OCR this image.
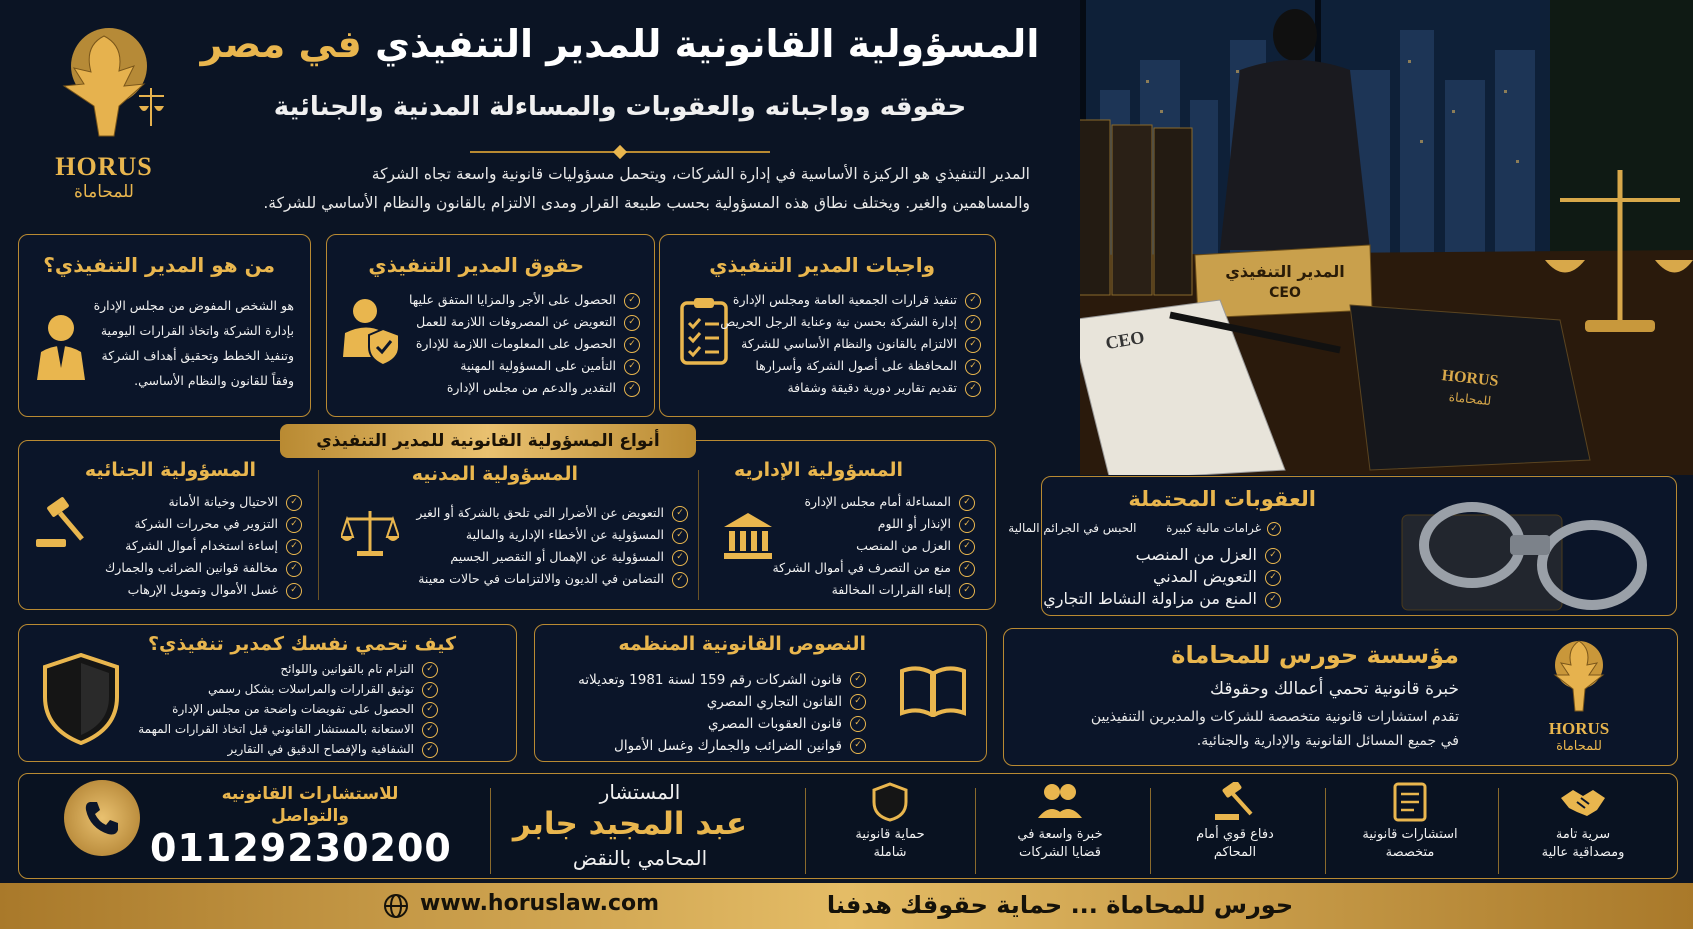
المدير التنفيذي
CEO
CEO
HORUS
للمحاماة
HORUS
للمحاماة
المسؤولية القانونية للمدير التنفيذي في مصر
حقوقه وواجباته والعقوبات والمساءلة المدنية والجنائية
المدير التنفيذي هو الركيزة الأساسية في إدارة الشركات، ويتحمل مسؤوليات قانونية واسعة تجاه الشركة
والمساهمين والغير. ويختلف نطاق هذه المسؤولية بحسب طبيعة القرار ومدى الالتزام بالقانون والنظام الأساسي للشركة.
من هو المدير التنفيذي؟
هو الشخص المفوض من مجلس الإدارة
بإدارة الشركة واتخاذ القرارات اليومية
وتنفيذ الخطط وتحقيق أهداف الشركة
وفقاً للقانون والنظام الأساسي.
حقوق المدير التنفيذي
✓ الحصول على الأجر والمزايا المتفق عليها
✓ التعويض عن المصروفات اللازمة للعمل
✓ الحصول على المعلومات اللازمة للإدارة
✓ التأمين على المسؤولية المهنية
✓ التقدير والدعم من مجلس الإدارة
واجبات المدير التنفيذي
✓ تنفيذ قرارات الجمعية العامة ومجلس الإدارة
✓ إدارة الشركة بحسن نية وعناية الرجل الحريص
✓ الالتزام بالقانون والنظام الأساسي للشركة
✓ المحافظة على أصول الشركة وأسرارها
✓ تقديم تقارير دورية دقيقة وشفافة
أنواع المسؤولية القانونية للمدير التنفيذي
المسؤولية الإداريه
✓ المساءلة أمام مجلس الإدارة
✓ الإنذار أو اللوم
✓ العزل من المنصب
✓ منع من التصرف في أموال الشركة
✓ إلغاء القرارات المخالفة
المسؤولية المدنيه
✓ التعويض عن الأضرار التي تلحق بالشركة أو الغير
✓ المسؤولية عن الأخطاء الإدارية والمالية
✓ المسؤولية عن الإهمال أو التقصير الجسيم
✓ التضامن في الديون والالتزامات في حالات معينة
المسؤولية الجنائيه
✓ الاحتيال وخيانة الأمانة
✓ التزوير في محررات الشركة
✓ إساءة استخدام أموال الشركة
✓ مخالفة قوانين الضرائب والجمارك
✓ غسل الأموال وتمويل الإرهاب
العقوبات المحتملة
✓غرامات مالية كبيرة  الحبس في الجرائم المالية
✓ العزل من المنصب
✓ التعويض المدني
✓ المنع من مزاولة النشاط التجاري
كيف تحمي نفسك كمدير تنفيذي؟
✓ التزام تام بالقوانين واللوائح
✓ توثيق القرارات والمراسلات بشكل رسمي
✓ الحصول على تفويضات واضحة من مجلس الإدارة
✓ الاستعانة بالمستشار القانوني قبل اتخاذ القرارات المهمة
✓ الشفافية والإفصاح الدقيق في التقارير
النصوص القانونية المنظمه
✓ قانون الشركات رقم 159 لسنة 1981 وتعديلاته
✓ القانون التجاري المصري
✓ قانون العقوبات المصري
✓ قوانين الضرائب والجمارك وغسل الأموال
مؤسسة حورس للمحاماة
خبرة قانونية تحمي أعمالك وحقوقك
تقدم استشارات قانونية متخصصة للشركات والمديرين التنفيذيين
في جميع المسائل القانونية والإدارية والجنائية.
HORUS
للمحاماة
للاستشارات القانونيه
والتواصل
01129230200
المستشار
عبد المجيد جابر
المحامي بالنقض
حماية قانونية
شاملة
خبرة واسعة في
قضايا الشركات
دفاع قوي أمام
المحاكم
استشارات قانونية
متخصصة
سرية تامة
ومصداقية عالية
www.horuslaw.com	حورس للمحاماة ... حماية حقوقك هدفنا
